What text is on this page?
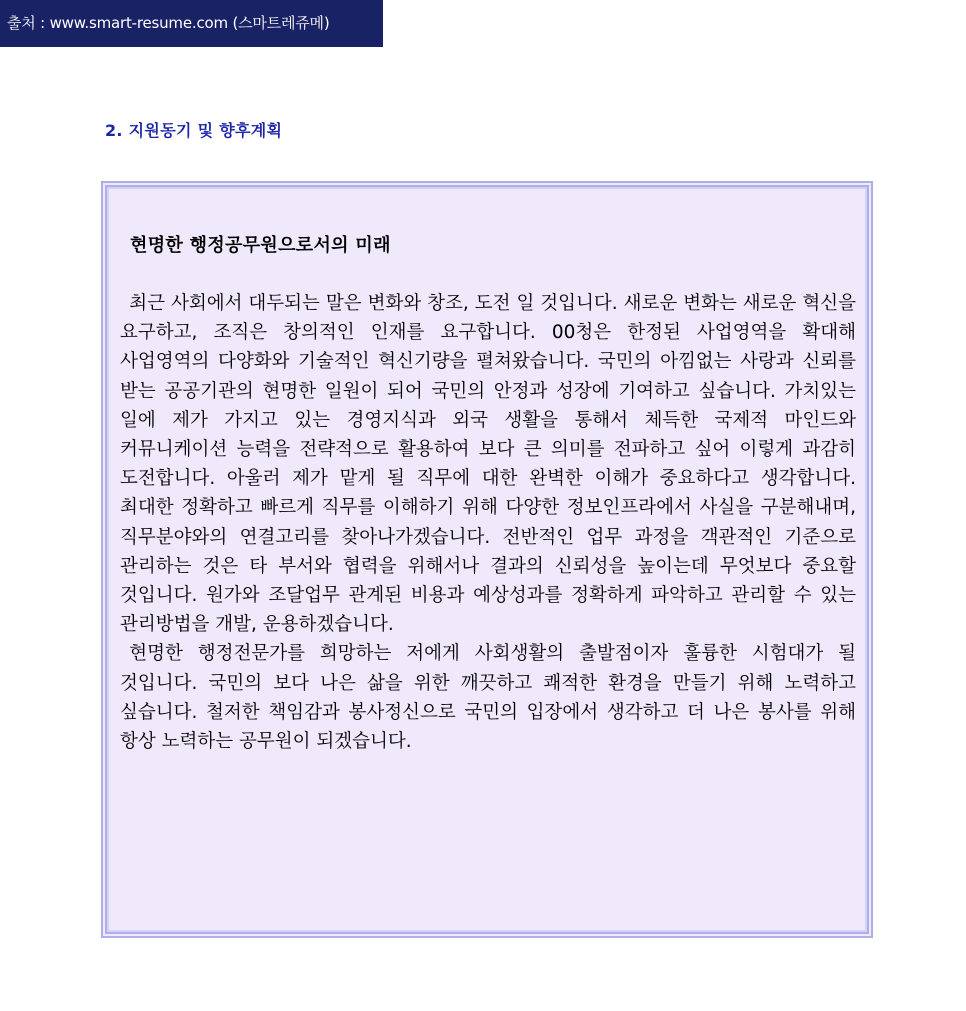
출처 : www.smart-resume.com (스마트레쥬메)
2. 지원동기 및 향후계획
현명한 행정공무원으로서의 미래

최근 사회에서 대두되는 말은 변화와 창조, 도전 일 것입니다. 새로운 변화는 새로운 혁신을 요구하고, 조직은 창의적인 인재를 요구합니다. 00청은 한정된 사업영역을 확대해 사업영역의 다양화와 기술적인 혁신기량을 펼쳐왔습니다. 국민의 아낌없는 사랑과 신뢰를 받는 공공기관의 현명한 일원이 되어 국민의 안정과 성장에 기여하고 싶습니다. 가치있는 일에 제가 가지고 있는 경영지식과 외국 생활을 통해서 체득한 국제적 마인드와 커뮤니케이션 능력을 전략적으로 활용하여 보다 큰 의미를 전파하고 싶어 이렇게 과감히 도전합니다. 아울러 제가 맡게 될 직무에 대한 완벽한 이해가 중요하다고 생각합니다. 최대한 정확하고 빠르게 직무를 이해하기 위해 다양한 정보인프라에서 사실을 구분해내며, 직무분야와의 연결고리를 찾아나가겠습니다. 전반적인 업무 과정을 객관적인 기준으로 관리하는 것은 타 부서와 협력을 위해서나 결과의 신뢰성을 높이는데 무엇보다 중요할 것입니다. 원가와 조달업무 관계된 비용과 예상성과를 정확하게 파악하고 관리할 수 있는 관리방법을 개발, 운용하겠습니다.

현명한 행정전문가를 희망하는 저에게 사회생활의 출발점이자 훌륭한 시험대가 될 것입니다. 국민의 보다 나은 삶을 위한 깨끗하고 쾌적한 환경을 만들기 위해 노력하고 싶습니다. 철저한 책임감과 봉사정신으로 국민의 입장에서 생각하고 더 나은 봉사를 위해 항상 노력하는 공무원이 되겠습니다.
